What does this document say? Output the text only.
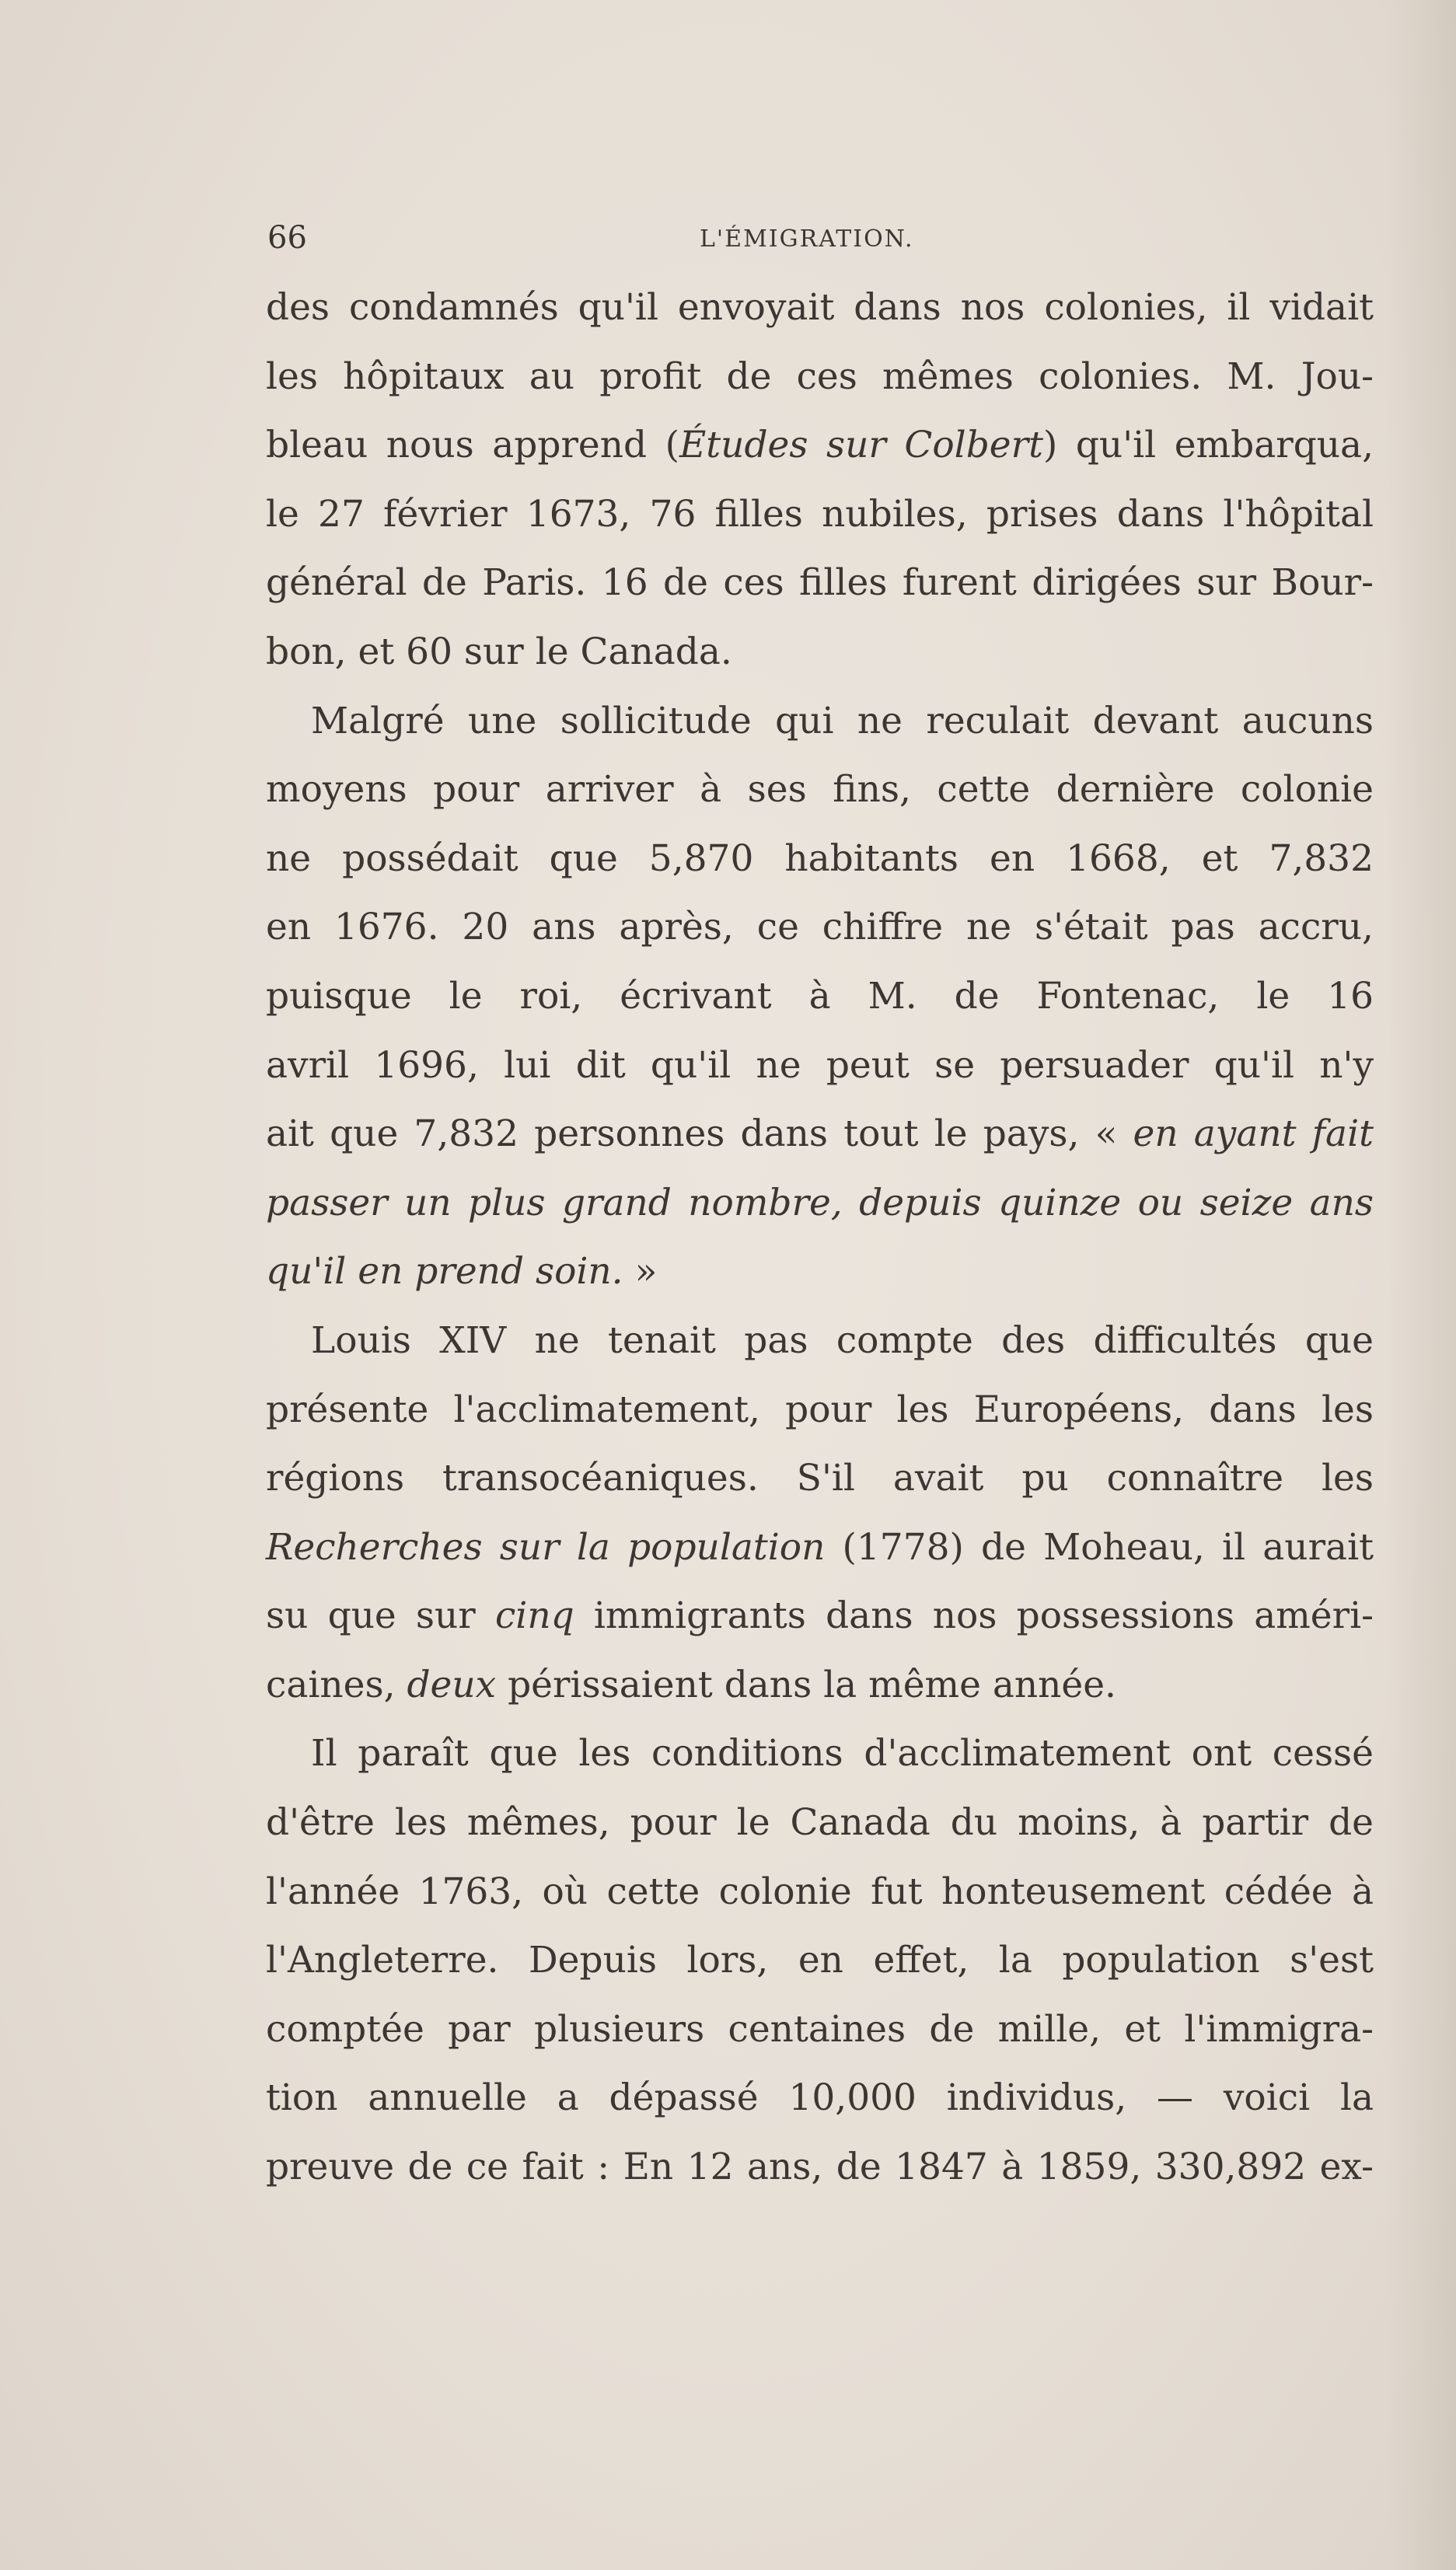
66	L'ÉMIGRATION.
des condamnés qu'il envoyait dans nos colonies, il vidait
les hôpitaux au profit de ces mêmes colonies. M. Jou-
bleau nous apprend (Études sur Colbert) qu'il embarqua,
le 27 février 1673, 76 filles nubiles, prises dans l'hôpital
général de Paris. 16 de ces filles furent dirigées sur Bour-
bon, et 60 sur le Canada.
Malgré une sollicitude qui ne reculait devant aucuns
moyens pour arriver à ses fins, cette dernière colonie
ne possédait que 5,870 habitants en 1668, et 7,832
en 1676. 20 ans après, ce chiffre ne s'était pas accru,
puisque le roi, écrivant à M. de Fontenac, le 16
avril 1696, lui dit qu'il ne peut se persuader qu'il n'y
ait que 7,832 personnes dans tout le pays, « en ayant fait
passer un plus grand nombre, depuis quinze ou seize ans
qu'il en prend soin. »
Louis XIV ne tenait pas compte des difficultés que
présente l'acclimatement, pour les Européens, dans les
régions transocéaniques. S'il avait pu connaître les
Recherches sur la population (1778) de Moheau, il aurait
su que sur cinq immigrants dans nos possessions améri-
caines, deux périssaient dans la même année.
Il paraît que les conditions d'acclimatement ont cessé
d'être les mêmes, pour le Canada du moins, à partir de
l'année 1763, où cette colonie fut honteusement cédée à
l'Angleterre. Depuis lors, en effet, la population s'est
comptée par plusieurs centaines de mille, et l'immigra-
tion annuelle a dépassé 10,000 individus, — voici la
preuve de ce fait : En 12 ans, de 1847 à 1859, 330,892 ex-
